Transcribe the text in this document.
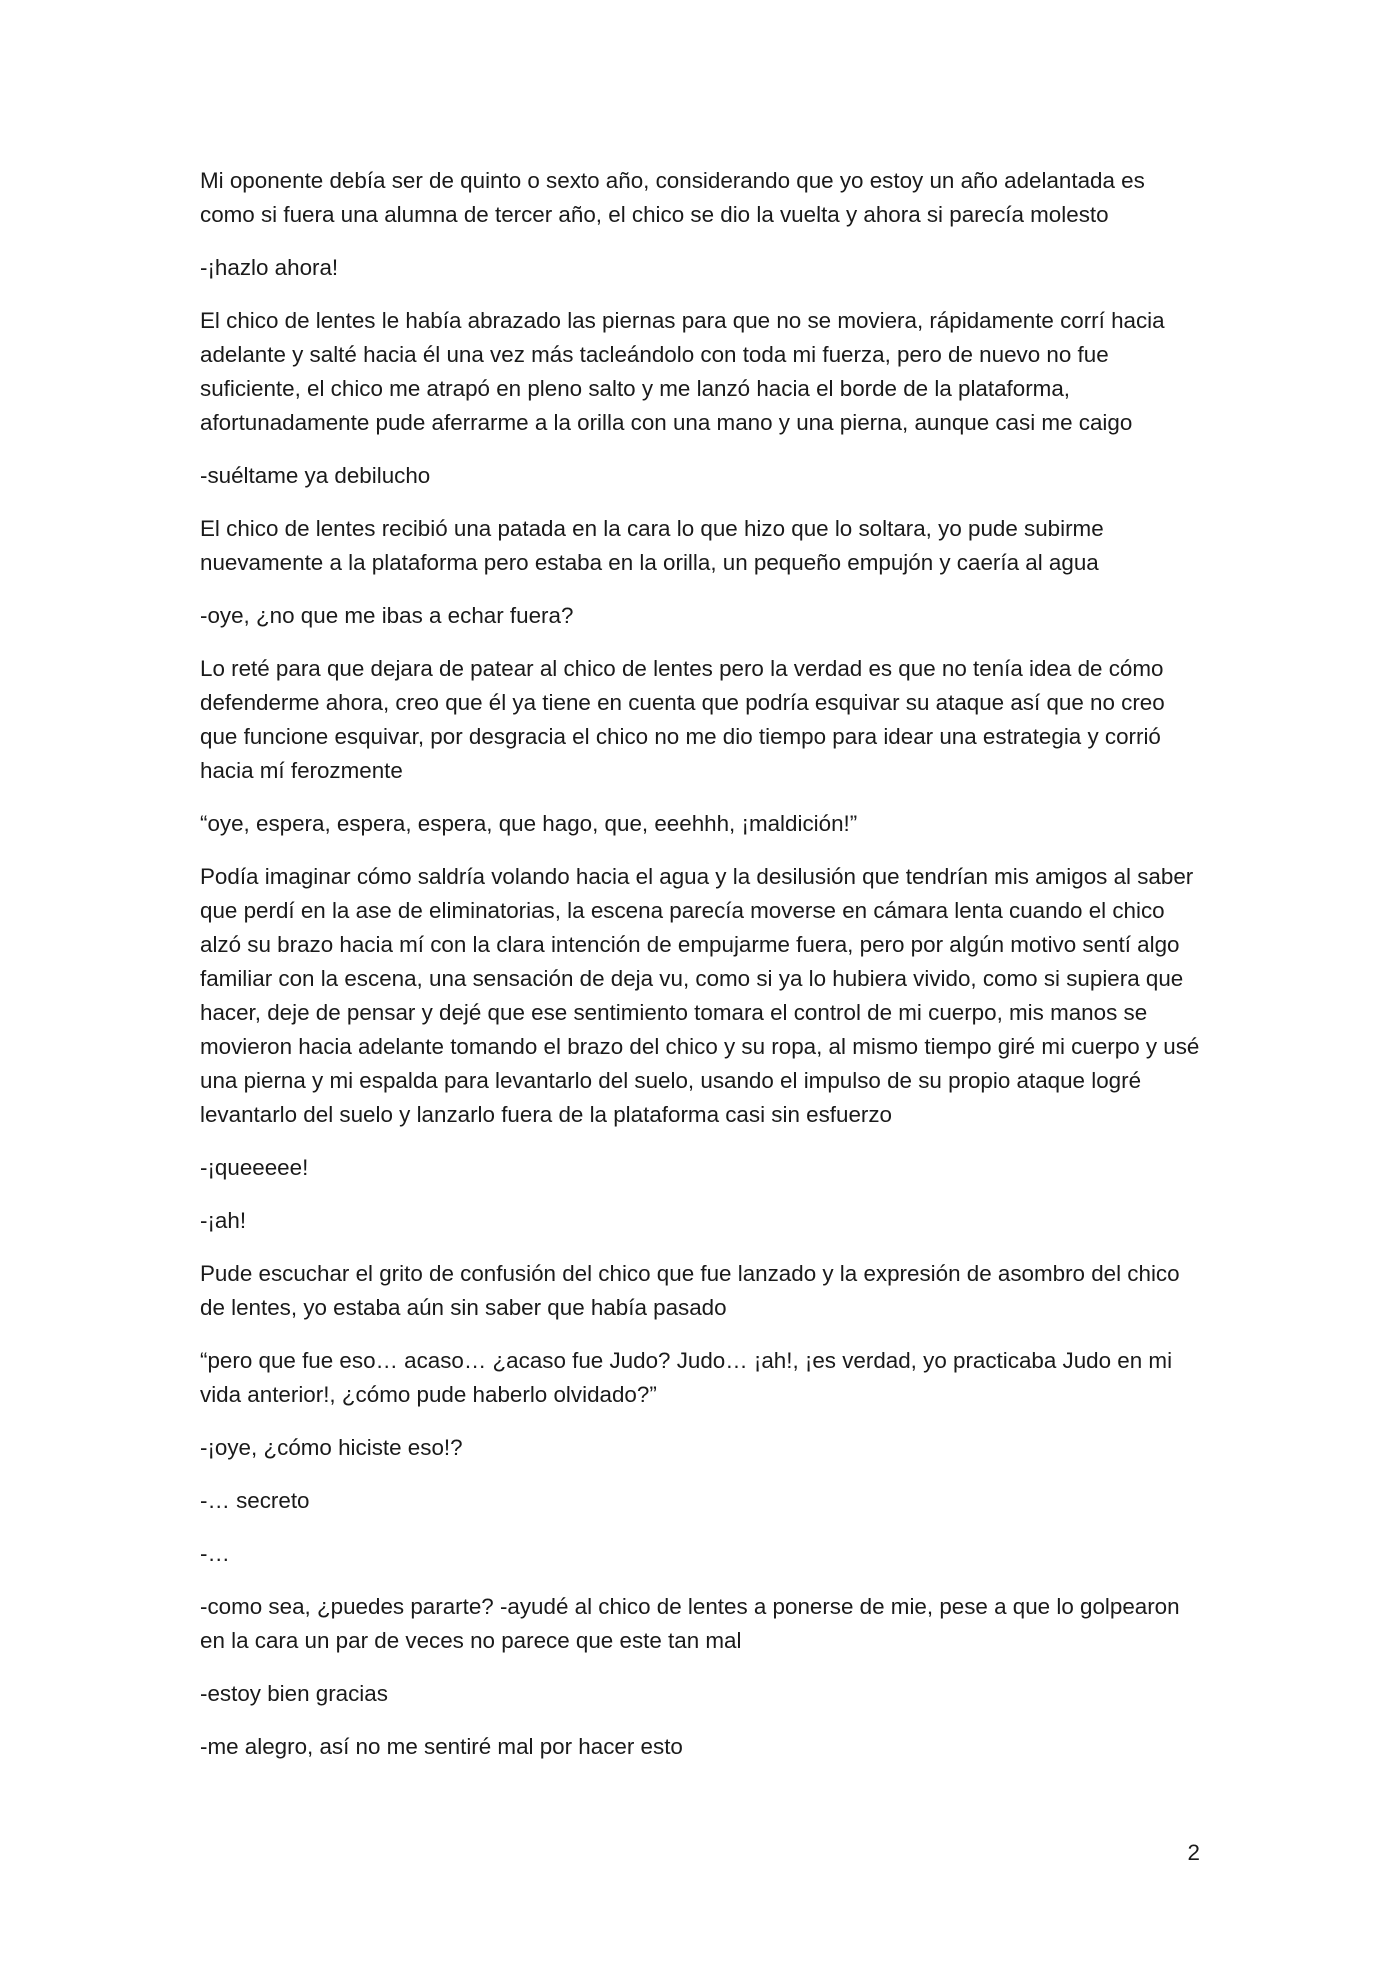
Mi oponente debía ser de quinto o sexto año, considerando que yo estoy un año adelantada es como si fuera una alumna de tercer año, el chico se dio la vuelta y ahora si parecía molesto

-¡hazlo ahora!

El chico de lentes le había abrazado las piernas para que no se moviera, rápidamente corrí hacia adelante y salté hacia él una vez más tacleándolo con toda mi fuerza, pero de nuevo no fue suficiente, el chico me atrapó en pleno salto y me lanzó hacia el borde de la plataforma, afortunadamente pude aferrarme a la orilla con una mano y una pierna, aunque casi me caigo

-suéltame ya debilucho

El chico de lentes recibió una patada en la cara lo que hizo que lo soltara, yo pude subirme nuevamente a la plataforma pero estaba en la orilla, un pequeño empujón y caería al agua

-oye, ¿no que me ibas a echar fuera?

Lo reté para que dejara de patear al chico de lentes pero la verdad es que no tenía idea de cómo defenderme ahora, creo que él ya tiene en cuenta que podría esquivar su ataque así que no creo que funcione esquivar, por desgracia el chico no me dio tiempo para idear una estrategia y corrió hacia mí ferozmente

“oye, espera, espera, espera, que hago, que, eeehhh, ¡maldición!”

Podía imaginar cómo saldría volando hacia el agua y la desilusión que tendrían mis amigos al saber que perdí en la ase de eliminatorias, la escena parecía moverse en cámara lenta cuando el chico alzó su brazo hacia mí con la clara intención de empujarme fuera, pero por algún motivo sentí algo familiar con la escena, una sensación de deja vu, como si ya lo hubiera vivido, como si supiera que hacer, deje de pensar y dejé que ese sentimiento tomara el control de mi cuerpo, mis manos se movieron hacia adelante tomando el brazo del chico y su ropa, al mismo tiempo giré mi cuerpo y usé una pierna y mi espalda para levantarlo del suelo, usando el impulso de su propio ataque logré levantarlo del suelo y lanzarlo fuera de la plataforma casi sin esfuerzo

-¡queeeee!

-¡ah!

Pude escuchar el grito de confusión del chico que fue lanzado y la expresión de asombro del chico de lentes, yo estaba aún sin saber que había pasado

“pero que fue eso… acaso… ¿acaso fue Judo? Judo… ¡ah!, ¡es verdad, yo practicaba Judo en mi vida anterior!, ¿cómo pude haberlo olvidado?”

-¡oye, ¿cómo hiciste eso!?

-… secreto

-…

-como sea, ¿puedes pararte? -ayudé al chico de lentes a ponerse de mie, pese a que lo golpearon en la cara un par de veces no parece que este tan mal

-estoy bien gracias

-me alegro, así no me sentiré mal por hacer esto

2
